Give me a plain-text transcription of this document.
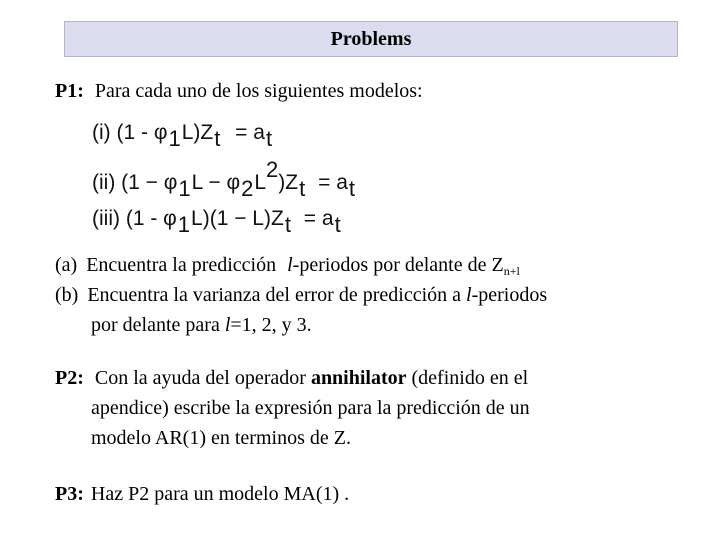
Problems
P1: Para cada uno de los siguientes modelos:
(i) (1 - φ1L)Zt = at
(ii) (1 − φ1L − φ2L2)Zt = at
(iii) (1 - φ1L)(1 − L)Zt = at
(a) Encuentra la predicción l-periodos por delante de $Z_{n+l}$
(b) Encuentra la varianza del error de predicción a l-periodos
por delante para l=1, 2, y 3.
P2: Con la ayuda del operador annihilator (definido en el
apendice) escribe la expresión para la predicción de un
modelo AR(1) en terminos de Z.
P3: Haz P2 para un modelo MA(1) .
